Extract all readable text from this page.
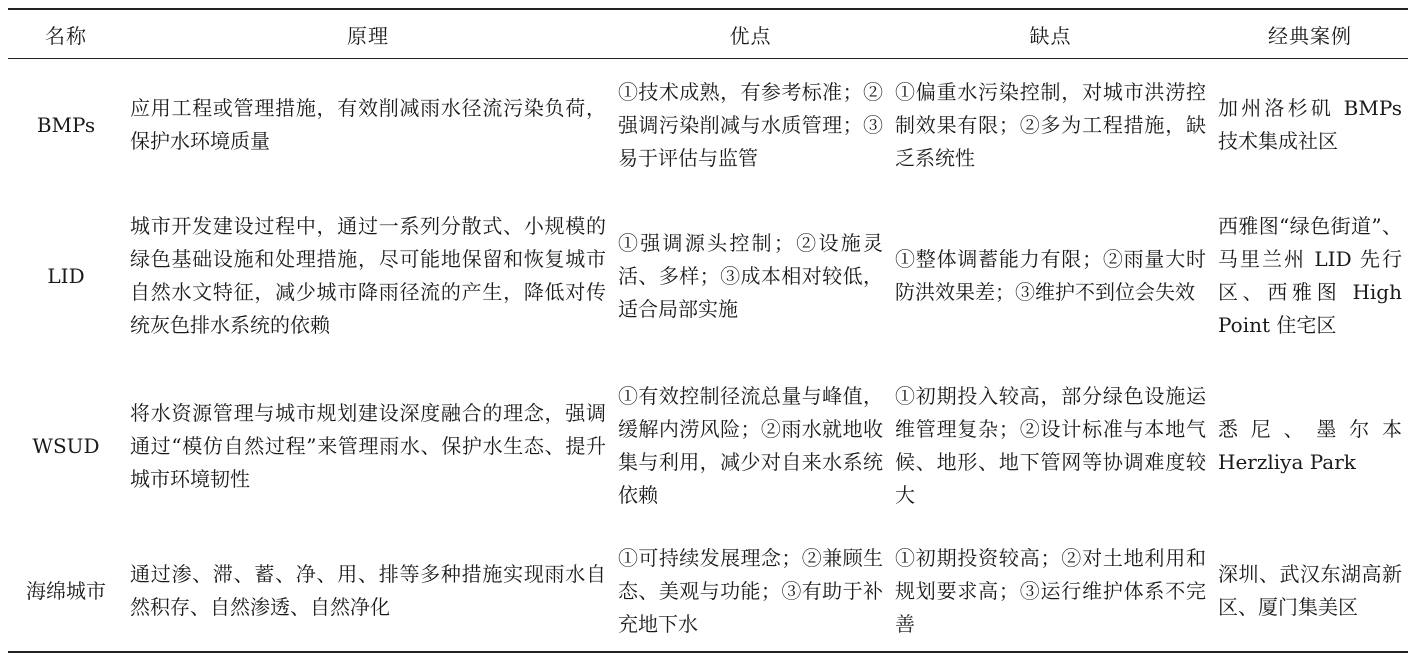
名称	原理	优点	缺点	经典案例
BMPs	应用工程或管理措施，有效削减雨水径流污染负荷，保护水环境质量	①技术成熟，有参考标准；②强调污染削减与水质管理；③易于评估与监管	①偏重水污染控制，对城市洪涝控制效果有限；②多为工程措施，缺乏系统性	加州洛杉矶 BMPs 技术集成社区
LID	城市开发建设过程中，通过一系列分散式、小规模的绿色基础设施和处理措施，尽可能地保留和恢复城市自然水文特征，减少城市降雨径流的产生，降低对传统灰色排水系统的依赖	①强调源头控制；②设施灵活、多样；③成本相对较低，适合局部实施	①整体调蓄能力有限；②雨量大时防洪效果差；③维护不到位会失效	西雅图“绿色街道”、马里兰州 LID 先行区、西雅图 High Point 住宅区
WSUD	将水资源管理与城市规划建设深度融合的理念，强调通过“模仿自然过程”来管理雨水、保护水生态、提升城市环境韧性	①有效控制径流总量与峰值，缓解内涝风险；②雨水就地收集与利用，减少对自来水系统依赖	①初期投入较高，部分绿色设施运维管理复杂；②设计标准与本地气候、地形、地下管网等协调难度较大	悉尼、墨尔本 Herzliya Park
海绵城市	通过渗、滞、蓄、净、用、排等多种措施实现雨水自然积存、自然渗透、自然净化	①可持续发展理念；②兼顾生态、美观与功能；③有助于补充地下水	①初期投资较高；②对土地利用和规划要求高；③运行维护体系不完善	深圳、武汉东湖高新区、厦门集美区
